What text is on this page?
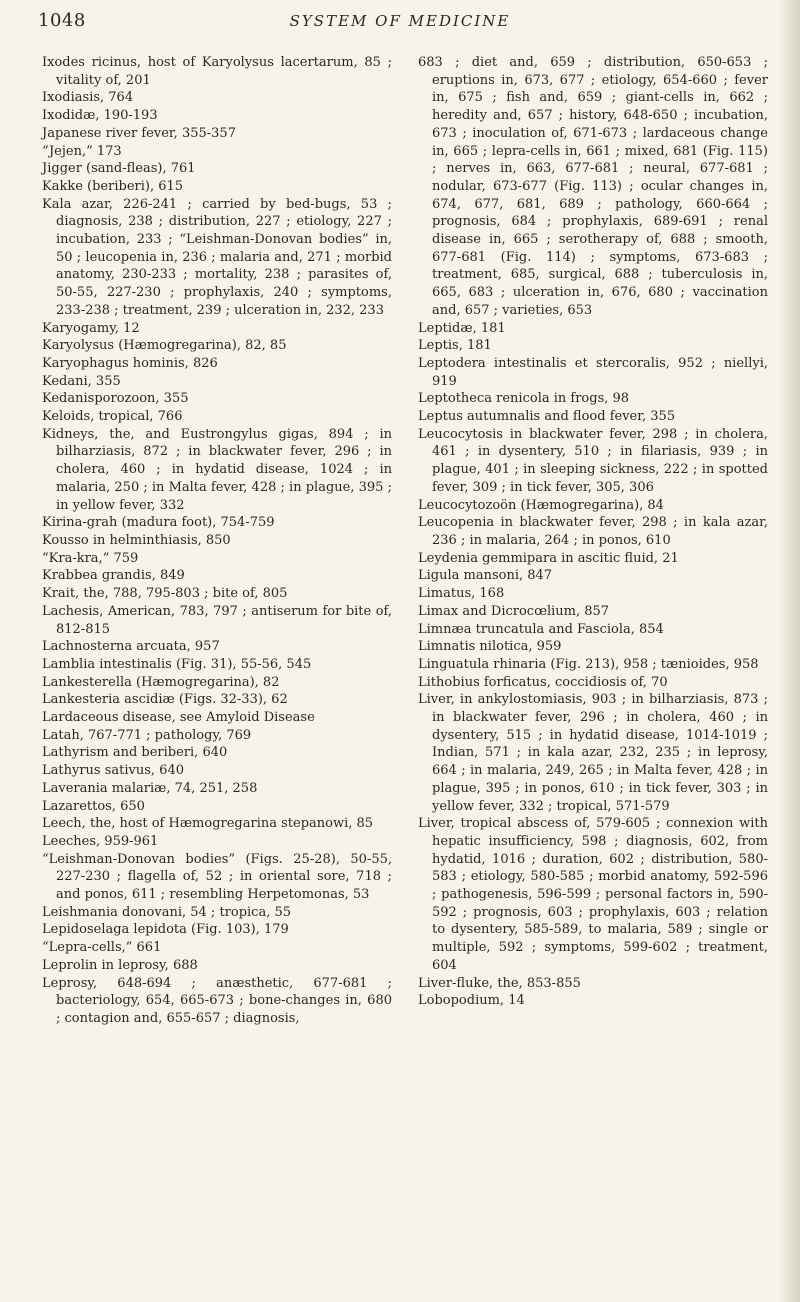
1048	SYSTEM OF MEDICINE

Ixodes ricinus, host of Karyolysus lacertarum, 85 ; vitality of, 201

Ixodiasis, 764

Ixodidæ, 190-193

Japanese river fever, 355-357

“Jejen,” 173

Jigger (sand-fleas), 761

Kakke (beriberi), 615

Kala azar, 226-241 ; carried by bed-bugs, 53 ; diagnosis, 238 ; distribution, 227 ; etiology, 227 ; incubation, 233 ; “Leishman-Donovan bodies” in, 50 ; leucopenia in, 236 ; malaria and, 271 ; morbid anatomy, 230-233 ; mortality, 238 ; parasites of, 50-55, 227-230 ; prophylaxis, 240 ; symptoms, 233-238 ; treatment, 239 ; ulceration in, 232, 233

Karyogamy, 12

Karyolysus (Hæmogregarina), 82, 85

Karyophagus hominis, 826

Kedani, 355

Kedanisporozoon, 355

Keloids, tropical, 766

Kidneys, the, and Eustrongylus gigas, 894 ; in bilharziasis, 872 ; in blackwater fever, 296 ; in cholera, 460 ; in hydatid disease, 1024 ; in malaria, 250 ; in Malta fever, 428 ; in plague, 395 ; in yellow fever, 332

Kirina-grah (madura foot), 754-759

Kousso in helminthiasis, 850

“Kra-kra,” 759

Krabbea grandis, 849

Krait, the, 788, 795-803 ; bite of, 805

Lachesis, American, 783, 797 ; antiserum for bite of, 812-815

Lachnosterna arcuata, 957

Lamblia intestinalis (Fig. 31), 55-56, 545

Lankesterella (Hæmogregarina), 82

Lankesteria ascidiæ (Figs. 32-33), 62

Lardaceous disease, see Amyloid Disease

Latah, 767-771 ; pathology, 769

Lathyrism and beriberi, 640

Lathyrus sativus, 640

Laverania malariæ, 74, 251, 258

Lazarettos, 650

Leech, the, host of Hæmogregarina stepanowi, 85

Leeches, 959-961

“Leishman-Donovan bodies” (Figs. 25-28), 50-55, 227-230 ; flagella of, 52 ; in oriental sore, 718 ; and ponos, 611 ; resembling Herpetomonas, 53

Leishmania donovani, 54 ; tropica, 55

Lepidoselaga lepidota (Fig. 103), 179

“Lepra-cells,” 661

Leprolin in leprosy, 688

Leprosy, 648-694 ; anæsthetic, 677-681 ; bacteriology, 654, 665-673 ; bone-changes in, 680 ; contagion and, 655-657 ; diagnosis,

683 ; diet and, 659 ; distribution, 650-653 ; eruptions in, 673, 677 ; etiology, 654-660 ; fever in, 675 ; fish and, 659 ; giant-cells in, 662 ; heredity and, 657 ; history, 648-650 ; incubation, 673 ; inoculation of, 671-673 ; lardaceous change in, 665 ; lepra-cells in, 661 ; mixed, 681 (Fig. 115) ; nerves in, 663, 677-681 ; neural, 677-681 ; nodular, 673-677 (Fig. 113) ; ocular changes in, 674, 677, 681, 689 ; pathology, 660-664 ; prognosis, 684 ; prophylaxis, 689-691 ; renal disease in, 665 ; serotherapy of, 688 ; smooth, 677-681 (Fig. 114) ; symptoms, 673-683 ; treatment, 685, surgical, 688 ; tuberculosis in, 665, 683 ; ulceration in, 676, 680 ; vaccination and, 657 ; varieties, 653

Leptidæ, 181

Leptis, 181

Leptodera intestinalis et stercoralis, 952 ; niellyi, 919

Leptotheca renicola in frogs, 98

Leptus autumnalis and flood fever, 355

Leucocytosis in blackwater fever, 298 ; in cholera, 461 ; in dysentery, 510 ; in filariasis, 939 ; in plague, 401 ; in sleeping sickness, 222 ; in spotted fever, 309 ; in tick fever, 305, 306

Leucocytozoön (Hæmogregarina), 84

Leucopenia in blackwater fever, 298 ; in kala azar, 236 ; in malaria, 264 ; in ponos, 610

Leydenia gemmipara in ascitic fluid, 21

Ligula mansoni, 847

Limatus, 168

Limax and Dicrocœlium, 857

Limnæa truncatula and Fasciola, 854

Limnatis nilotica, 959

Linguatula rhinaria (Fig. 213), 958 ; tænioides, 958

Lithobius forficatus, coccidiosis of, 70

Liver, in ankylostomiasis, 903 ; in bilharziasis, 873 ; in blackwater fever, 296 ; in cholera, 460 ; in dysentery, 515 ; in hydatid disease, 1014-1019 ; Indian, 571 ; in kala azar, 232, 235 ; in leprosy, 664 ; in malaria, 249, 265 ; in Malta fever, 428 ; in plague, 395 ; in ponos, 610 ; in tick fever, 303 ; in yellow fever, 332 ; tropical, 571-579

Liver, tropical abscess of, 579-605 ; connexion with hepatic insufficiency, 598 ; diagnosis, 602, from hydatid, 1016 ; duration, 602 ; distribution, 580-583 ; etiology, 580-585 ; morbid anatomy, 592-596 ; pathogenesis, 596-599 ; personal factors in, 590-592 ; prognosis, 603 ; prophylaxis, 603 ; relation to dysentery, 585-589, to malaria, 589 ; single or multiple, 592 ; symptoms, 599-602 ; treatment, 604

Liver-fluke, the, 853-855

Lobopodium, 14
